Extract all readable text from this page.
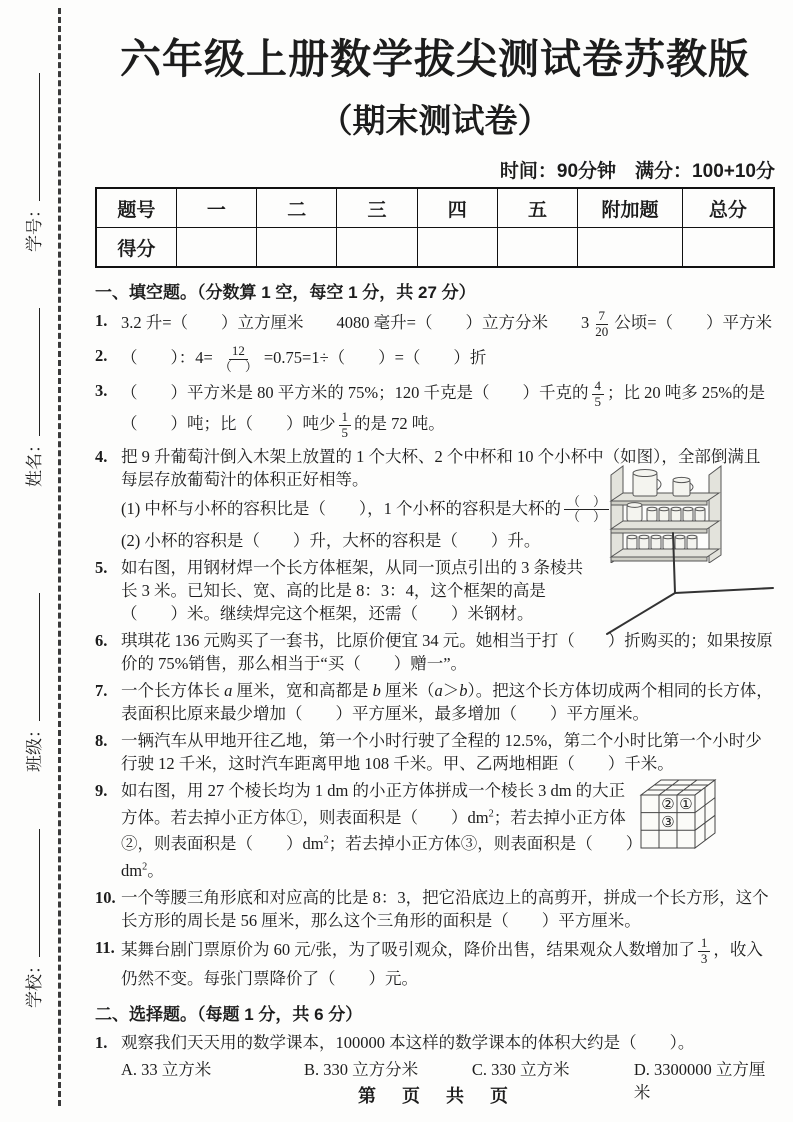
学号：
姓名：
班级：
学校：
六年级上册数学拔尖测试卷苏教版
（期末测试卷）
时间：90分钟　满分：100+10分
题号	一	二	三	四	五	附加题	总分
得分							
一、填空题。（分数算 1 空，每空 1 分，共 27 分）
1. 3.2 升=（　　）立方厘米　　4080 毫升=（　　）立方分米　　$3 \frac{7}{20}$ 公顷=（　　）平方米
2. （　　）：$4= \frac{12}{( )} =0.75=1\div$（　　）=（　　）折
3. （　　）平方米是 80 平方米的 75%；120 千克是（　　）千克的 $\frac{4}{5}$ ；比 20 吨多 25%的是（　　）吨；比（　　）吨少 $\frac{1}{5}$ 的是 72 吨。
4. 把 9 升葡萄汁倒入木架上放置的 1 个大杯、2 个中杯和 10 个小杯中（如图），全部倒满且每层存放葡萄汁的体积正好相等。
(1) 中杯与小杯的容积比是（　　），1 个小杯的容积是大杯的 $\frac{( )}{( )}$
(2) 小杯的容积是（　　）升，大杯的容积是（　　）升。
5. 如右图，用钢材焊一个长方体框架，从同一顶点引出的 3 条棱共长 3 米。已知长、宽、高的比是 8：3：4，这个框架的高是（　　）米。继续焊完这个框架，还需（　　）米钢材。
6. 琪琪花 136 元购买了一套书，比原价便宜 34 元。她相当于打（　　）折购买的；如果按原价的 75%销售，那么相当于“买（　　）赠一”。
7. 一个长方体长 a 厘米，宽和高都是 b 厘米（a＞b）。把这个长方体切成两个相同的长方体，表面积比原来最少增加（　　）平方厘米，最多增加（　　）平方厘米。
8. 一辆汽车从甲地开往乙地，第一个小时行驶了全程的 12.5%，第二个小时比第一个小时少行驶 12 千米，这时汽车距离甲地 108 千米。甲、乙两地相距（　　）千米。
9. 如右图，用 27 个棱长均为 1 dm 的小正方体拼成一个棱长 3 dm 的大正方体。若去掉小正方体①，则表面积是（　　）$dm^2$；若去掉小正方体②，则表面积是（　　）$dm^2$；若去掉小正方体③，则表面积是（　　）$dm^2$。
② ①
③
10. 一个等腰三角形底和对应高的比是 8：3，把它沿底边上的高剪开，拼成一个长方形，这个长方形的周长是 56 厘米，那么这个三角形的面积是（　　）平方厘米。
11. 某舞台剧门票原价为 60 元/张，为了吸引观众，降价出售，结果观众人数增加了 $\frac{1}{3}$ ，收入仍然不变。每张门票降价了（　　）元。
二、选择题。（每题 1 分，共 6 分）
1. 观察我们天天用的数学课本，100000 本这样的数学课本的体积大约是（　　）。
A. 33 立方米	B. 330 立方分米	C. 330 立方米	D. 3300000 立方厘米
第　页　共　页
